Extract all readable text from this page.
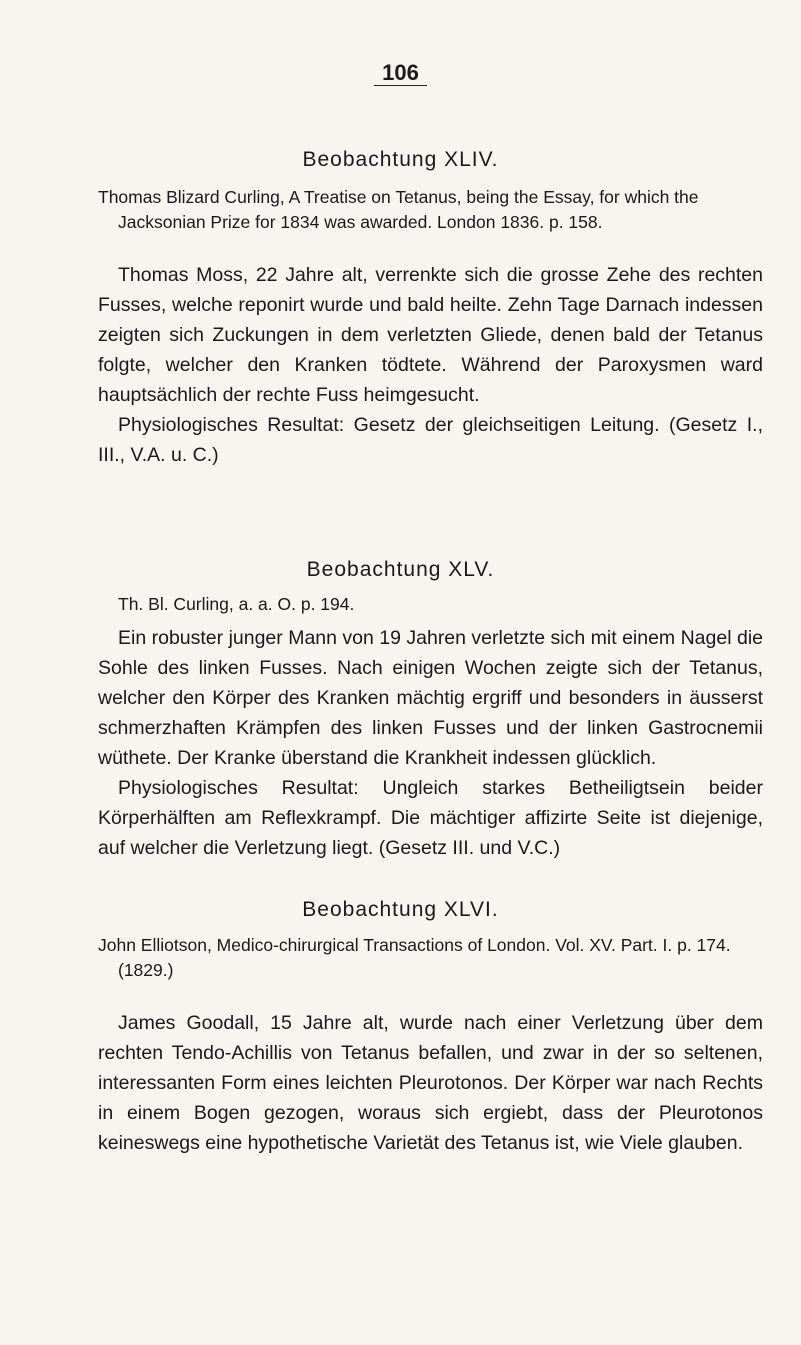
106
Beobachtung XLIV.
Thomas Blizard Curling, A Treatise on Tetanus, being the Essay, for which the Jacksonian Prize for 1834 was awarded. London 1836. p. 158.

Thomas Moss, 22 Jahre alt, verrenkte sich die grosse Zehe des rechten Fusses, welche reponirt wurde und bald heilte. Zehn Tage Darnach indessen zeigten sich Zuckungen in dem verletzten Gliede, denen bald der Tetanus folgte, welcher den Kranken tödtete. Während der Paroxysmen ward hauptsächlich der rechte Fuss heimgesucht.

Physiologisches Resultat: Gesetz der gleichseitigen Leitung. (Gesetz I., III., V.A. u. C.)

Beobachtung XLV.
Th. Bl. Curling, a. a. O. p. 194.

Ein robuster junger Mann von 19 Jahren verletzte sich mit einem Nagel die Sohle des linken Fusses. Nach einigen Wochen zeigte sich der Tetanus, welcher den Körper des Kranken mächtig ergriff und besonders in äusserst schmerzhaften Krämpfen des linken Fusses und der linken Gastrocnemii wüthete. Der Kranke überstand die Krankheit indessen glücklich.

Physiologisches Resultat: Ungleich starkes Betheiligtsein beider Körperhälften am Reflexkrampf. Die mächtiger affizirte Seite ist diejenige, auf welcher die Verletzung liegt. (Gesetz III. und V.C.)

Beobachtung XLVI.
John Elliotson, Medico-chirurgical Transactions of London. Vol. XV. Part. I. p. 174. (1829.)

James Goodall, 15 Jahre alt, wurde nach einer Verletzung über dem rechten Tendo-Achillis von Tetanus befallen, und zwar in der so seltenen, interessanten Form eines leichten Pleurotonos. Der Körper war nach Rechts in einem Bogen gezogen, woraus sich ergiebt, dass der Pleurotonos keineswegs eine hypothetische Varietät des Tetanus ist, wie Viele glauben.
